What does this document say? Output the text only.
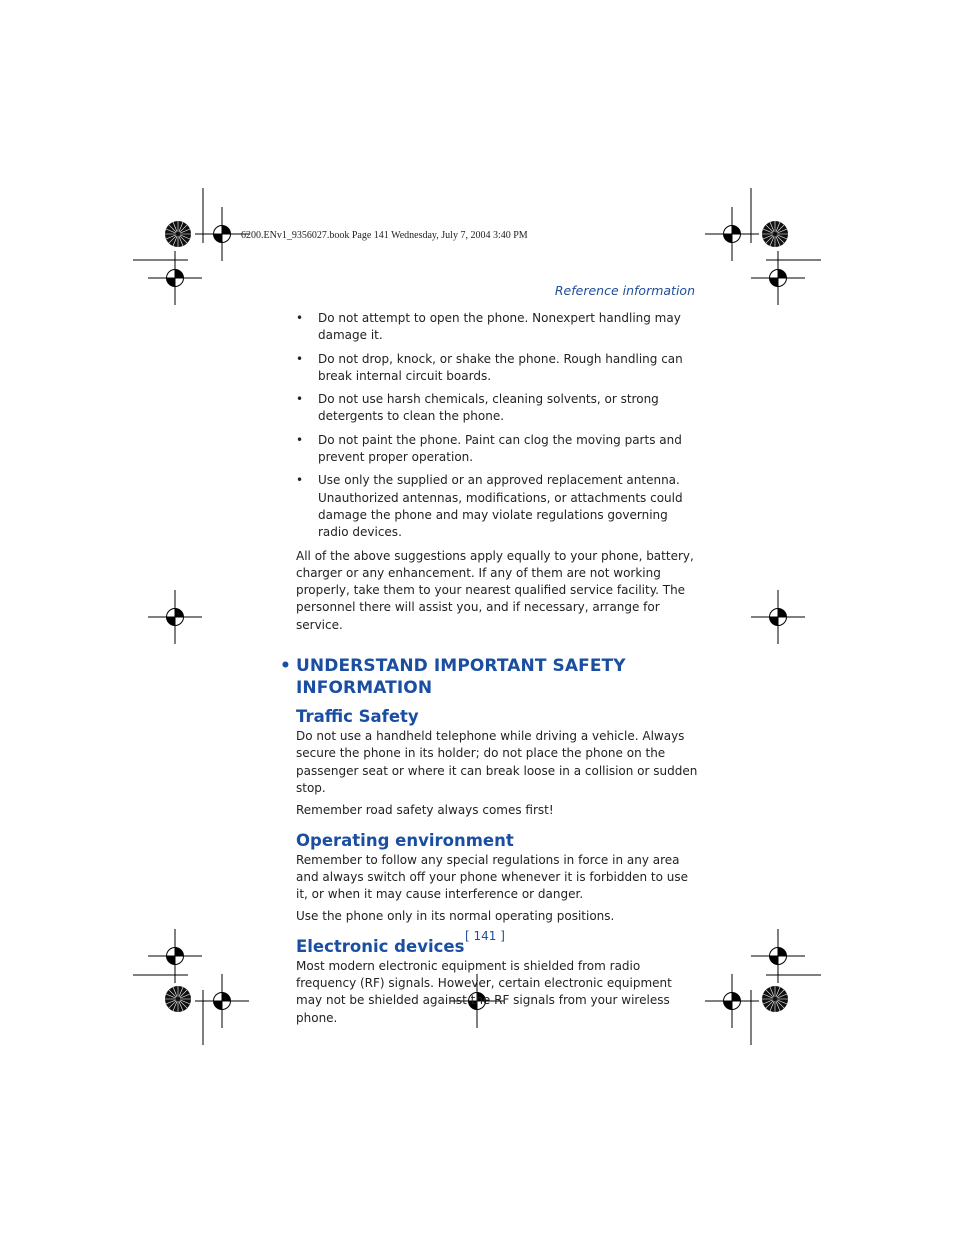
6200.ENv1_9356027.book Page 141 Wednesday, July 7, 2004 3:40 PM
Reference information
• Do not attempt to open the phone. Nonexpert handling may damage it.
• Do not drop, knock, or shake the phone. Rough handling can break internal circuit boards.
• Do not use harsh chemicals, cleaning solvents, or strong detergents to clean the phone.
• Do not paint the phone. Paint can clog the moving parts and prevent proper operation.
• Use only the supplied or an approved replacement antenna. Unauthorized antennas, modifications, or attachments could damage the phone and may violate regulations governing radio devices.

All of the above suggestions apply equally to your phone, battery, charger or any enhancement. If any of them are not working properly, take them to your nearest qualified service facility. The personnel there will assist you, and if necessary, arrange for service.

• UNDERSTAND IMPORTANT SAFETY INFORMATION
Traffic Safety

Do not use a handheld telephone while driving a vehicle. Always secure the phone in its holder; do not place the phone on the passenger seat or where it can break loose in a collision or sudden stop.

Remember road safety always comes first!

Operating environment

Remember to follow any special regulations in force in any area and always switch off your phone whenever it is forbidden to use it, or when it may cause interference or danger.

Use the phone only in its normal operating positions.

Electronic devices

Most modern electronic equipment is shielded from radio frequency (RF) signals. However, certain electronic equipment may not be shielded against the RF signals from your wireless phone.

[ 141 ]
